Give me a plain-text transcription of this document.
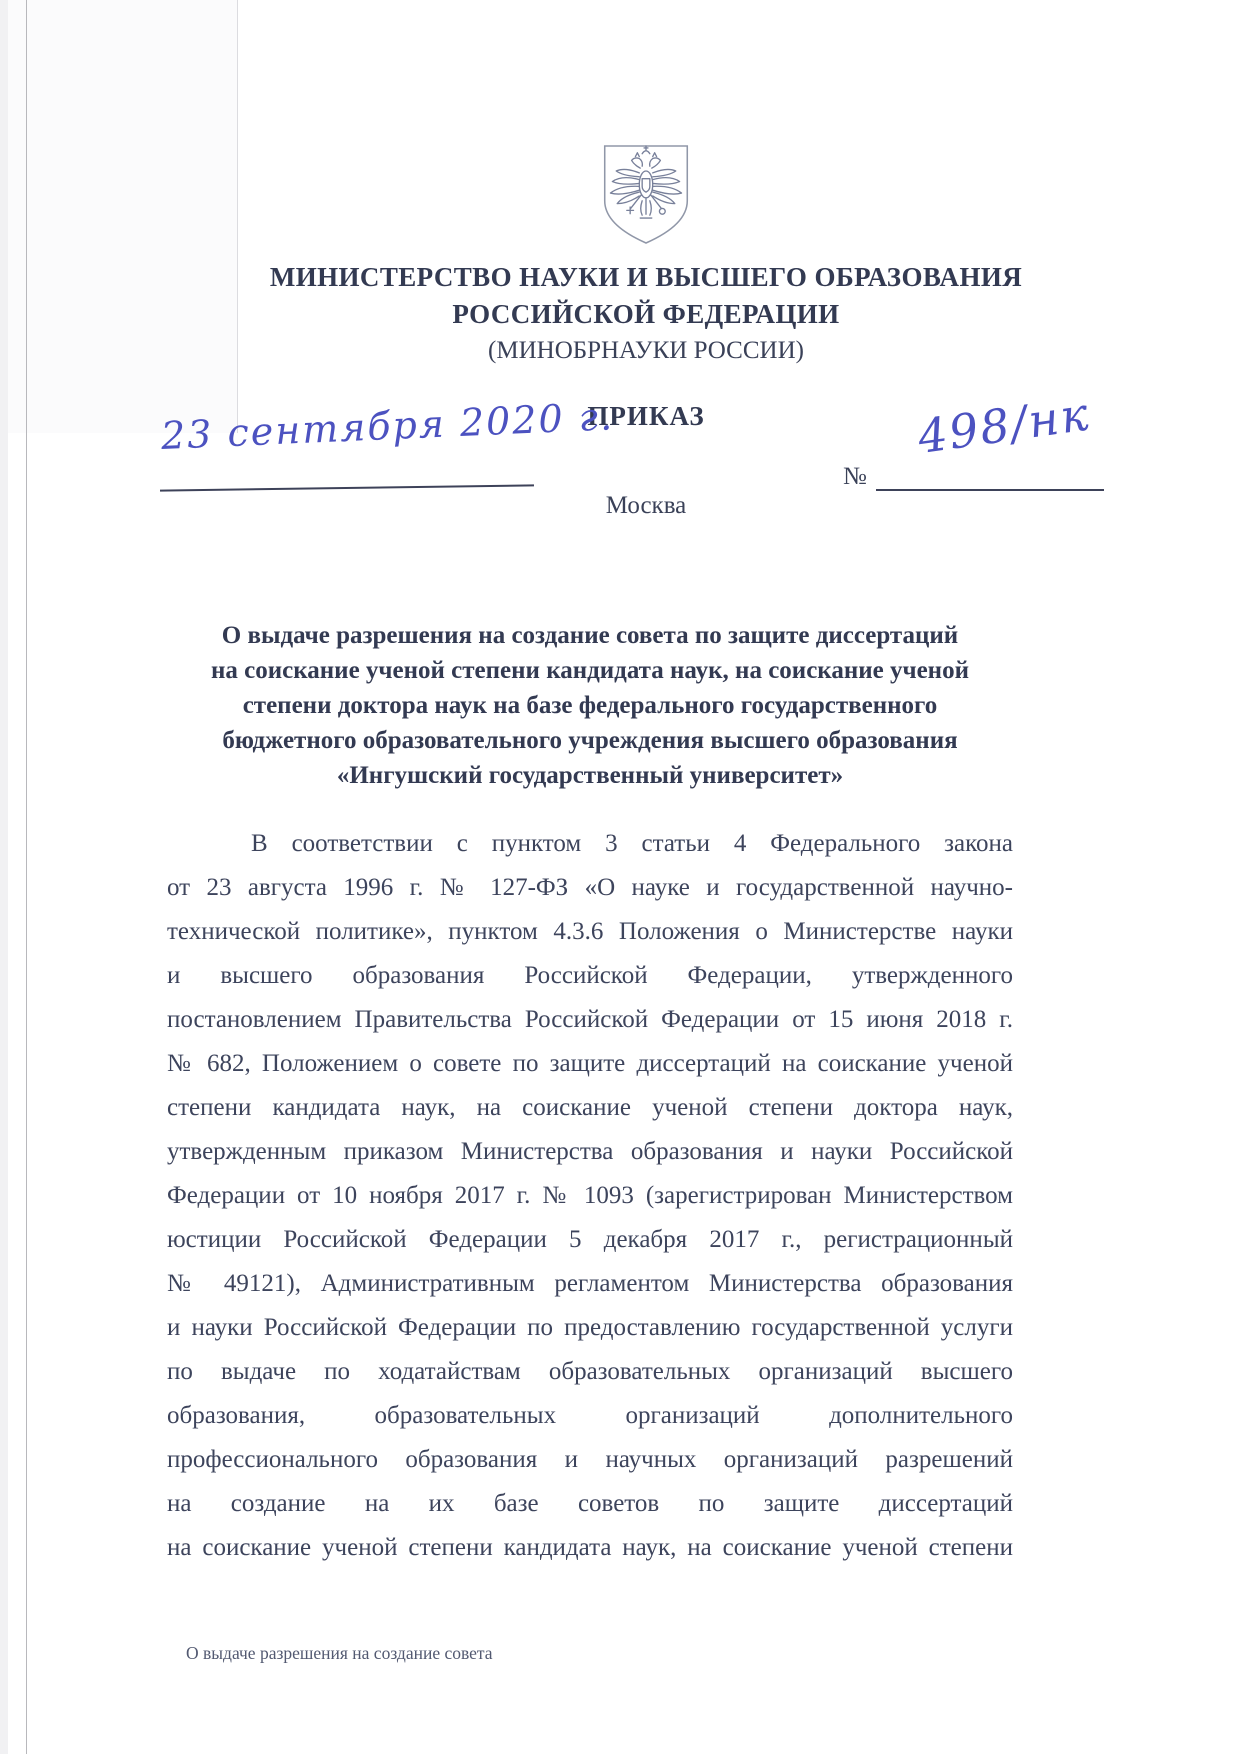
МИНИСТЕРСТВО НАУКИ И ВЫСШЕГО ОБРАЗОВАНИЯ
РОССИЙСКОЙ ФЕДЕРАЦИИ
(МИНОБРНАУКИ РОССИИ)
ПРИКАЗ
23 сентября 2020 г.
№
498/нк
Москва
О выдаче разрешения на создание совета по защите диссертаций
на соискание ученой степени кандидата наук, на соискание ученой
степени доктора наук на базе федерального государственного
бюджетного образовательного учреждения высшего образования
«Ингушский государственный университет»
В соответствии с пунктом 3 статьи 4 Федерального закона
от 23 августа 1996 г. № 127-ФЗ «О науке и государственной научно-
технической политике», пунктом 4.3.6 Положения о Министерстве науки
и высшего образования Российской Федерации, утвержденного
постановлением Правительства Российской Федерации от 15 июня 2018 г.
№ 682, Положением о совете по защите диссертаций на соискание ученой
степени кандидата наук, на соискание ученой степени доктора наук,
утвержденным приказом Министерства образования и науки Российской
Федерации от 10 ноября 2017 г. № 1093 (зарегистрирован Министерством
юстиции Российской Федерации 5 декабря 2017 г., регистрационный
№ 49121), Административным регламентом Министерства образования
и науки Российской Федерации по предоставлению государственной услуги
по выдаче по ходатайствам образовательных организаций высшего
образования, образовательных организаций дополнительного
профессионального образования и научных организаций разрешений
на создание на их базе советов по защите диссертаций
на соискание ученой степени кандидата наук, на соискание ученой степени
О выдаче разрешения на создание совета
